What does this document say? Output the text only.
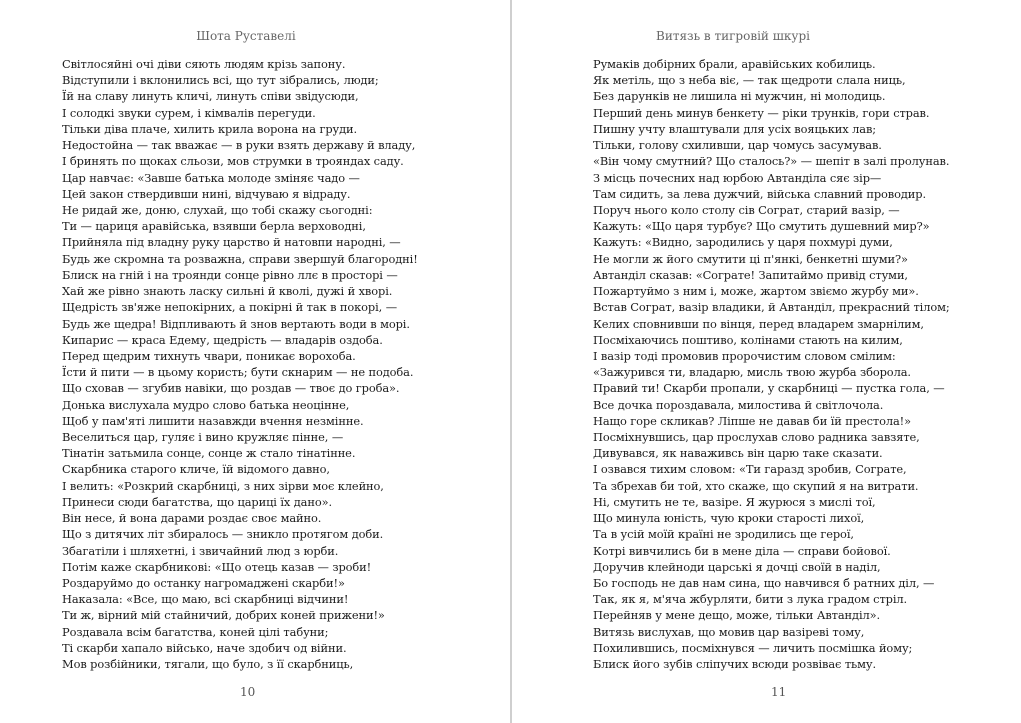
Шота Руставелі
Світлосяйні очі діви сяють людям крізь запону.
Відступили і вклонились всі, що тут зібрались, люди;
Їй на славу линуть кличі, линуть співи звідусюди,
І солодкі звуки сурем, і кімвалів перегуди.
Тільки діва плаче, хилить крила ворона на груди.
Недостойна — так вважає — в руки взять державу й владу,
І бринять по щоках сльози, мов струмки в трояндах саду.
Цар навчає: «Завше батька молоде зміняє чадо —
Цей закон ствердивши нині, відчуваю я відраду.
Не ридай же, доню, слухай, що тобі скажу сьогодні:
Ти — цариця аравійська, взявши берла верховодні,
Прийняла під владну руку царство й натовпи народні, —
Будь же скромна та розважна, справи звершуй благородні!
Блиск на гній і на троянди сонце рівно ллє в просторі —
Хай же рівно знають ласку сильні й кволі, дужі й хворі.
Щедрість зв'яже непокірних, а покірні й так в покорі, —
Будь же щедра! Відпливають й знов вертають води в морі.
Кипарис — краса Едему, щедрість — владарів оздоба.
Перед щедрим тихнуть чвари, поникає ворохоба.
Їсти й пити — в цьому користь; бути скнарим — не подоба.
Що сховав — згубив навіки, що роздав — твоє до гроба».
Донька вислухала мудро слово батька неоцінне,
Щоб у пам'яті лишити назавжди вчення незмінне.
Веселиться цар, гуляє і вино кружляє пінне, —
Тінатін затьмила сонце, сонце ж стало тінатінне.
Скарбника старого кличе, їй відомого давно,
І велить: «Розкрий скарбниці, з них зірви моє клейно,
Принеси сюди багатства, що цариці їх дано».
Він несе, й вона дарами роздає своє майно.
Що з дитячих літ збиралось — зникло протягом доби.
Збагатіли і шляхетні, і звичайний люд з юрби.
Потім каже скарбникові: «Що отець казав — зроби!
Роздаруймо до останку нагромаджені скарби!»
Наказала: «Все, що маю, всі скарбниці відчини!
Ти ж, вірний мій стайничий, добрих коней прижени!»
Роздавала всім багатства, коней цілі табуни;
Ті скарби хапало військо, наче здобич од війни.
Мов розбійники, тягали, що було, з її скарбниць,
10
Витязь в тигровій шкурі
Румаків добірних брали, аравійських кобилиць.
Як метіль, що з неба віє, — так щедроти слала ниць,
Без дарунків не лишила ні мужчин, ні молодиць.
Перший день минув бенкету — ріки трунків, гори страв.
Пишну учту влаштували для усіх вояцьких лав;
Тільки, голову схиливши, цар чомусь засумував.
«Він чому смутний? Що сталось?» — шепіт в залі пролунав.
З місць почесних над юрбою Автанділа сяє зір—
Там сидить, за лева дужчий, війська славний проводир.
Поруч нього коло столу сів Сограт, старий вазір, —
Кажуть: «Що царя турбує? Що смутить душевний мир?»
Кажуть: «Видно, зародились у царя похмурі думи,
Не могли ж його смутити ці п'янкі, бенкетні шуми?»
Автанділ сказав: «Сограте! Запитаймо привід стуми,
Пожартуймо з ним і, може, жартом звіємо журбу ми».
Встав Сограт, вазір владики, й Автанділ, прекрасний тілом;
Келих сповнивши по вінця, перед владарем змарнілим,
Посміхаючись поштиво, колінами стають на килим,
І вазір тоді промовив пророчистим словом смілим:
«Зажурився ти, владарю, мисль твою журба зборола.
Правий ти! Скарби пропали, у скарбниці — пустка гола, —
Все дочка пороздавала, милостива й світлочола.
Нащо горе скликав? Ліпше не давав би їй престола!»
Посміхнувшись, цар прослухав слово радника завзяте,
Дивувався, як наваживсь він царю таке сказати.
І озвався тихим словом: «Ти гаразд зробив, Сограте,
Та збрехав би той, хто скаже, що скупий я на витрати.
Ні, смутить не те, вазіре. Я журюся з мислі тої,
Що минула юність, чую кроки старості лихої,
Та в усій моїй країні не зродились ще герої,
Котрі вивчились би в мене діла — справи бойової.
Доручив клейноди царські я дочці своїй в наділ,
Бо господь не дав нам сина, що навчився б ратних діл, —
Так, як я, м'яча жбурляти, бити з лука градом стріл.
Перейняв у мене дещо, може, тільки Автанділ».
Витязь вислухав, що мовив цар вазіреві тому,
Похилившись, посміхнувся — личить посмішка йому;
Блиск його зубів сліпучих всюди розвіває тьму.
11
